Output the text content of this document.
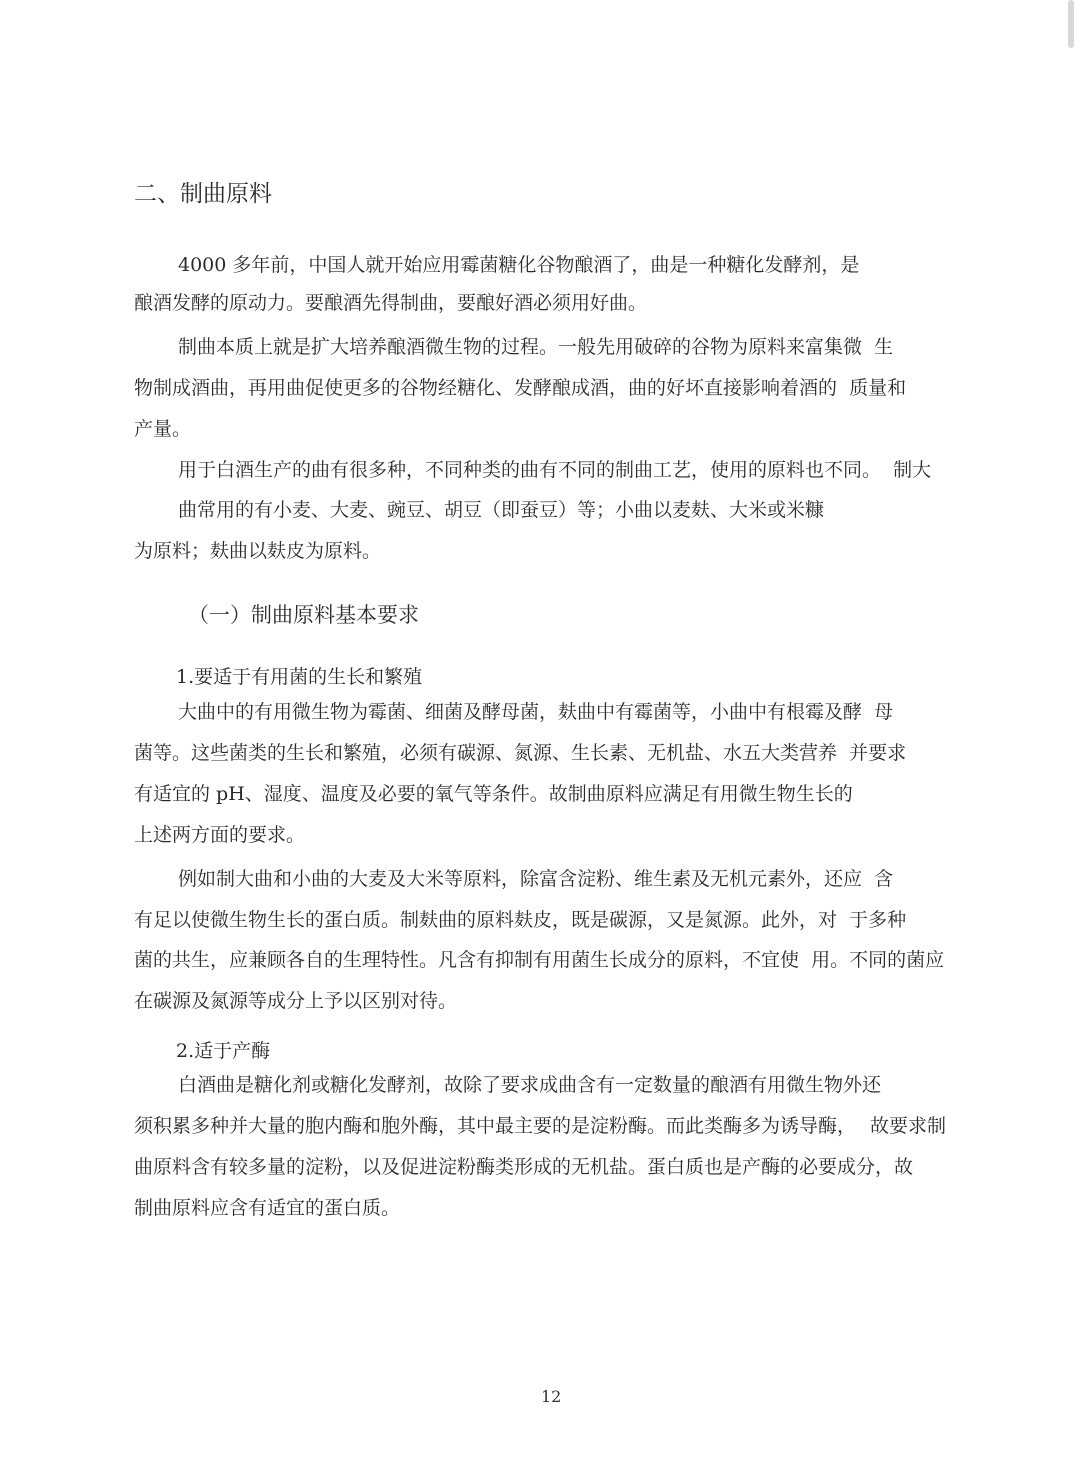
二、制曲原料
4000 多年前，中国人就开始应用霉菌糖化谷物酿酒了，曲是一种糖化发酵剂，是
酿酒发酵的原动力。要酿酒先得制曲，要酿好酒必须用好曲。
制曲本质上就是扩大培养酿酒微生物的过程。一般先用破碎的谷物为原料来富集微  生
物制成酒曲，再用曲促使更多的谷物经糖化、发酵酿成酒，曲的好坏直接影响着酒的  质量和
产量。
用于白酒生产的曲有很多种，不同种类的曲有不同的制曲工艺，使用的原料也不同。  制大
曲常用的有小麦、大麦、豌豆、胡豆（即蚕豆）等；小曲以麦麸、大米或米糠
为原料；麸曲以麸皮为原料。
（一）制曲原料基本要求
1.要适于有用菌的生长和繁殖
大曲中的有用微生物为霉菌、细菌及酵母菌，麸曲中有霉菌等，小曲中有根霉及酵  母
菌等。这些菌类的生长和繁殖，必须有碳源、氮源、生长素、无机盐、水五大类营养  并要求
有适宜的 pH、湿度、温度及必要的氧气等条件。故制曲原料应满足有用微生物生长的
上述两方面的要求。
例如制大曲和小曲的大麦及大米等原料，除富含淀粉、维生素及无机元素外，还应  含
有足以使微生物生长的蛋白质。制麸曲的原料麸皮，既是碳源，又是氮源。此外，对  于多种
菌的共生，应兼顾各自的生理特性。凡含有抑制有用菌生长成分的原料，不宜使  用。不同的菌应
在碳源及氮源等成分上予以区别对待。
2.适于产酶
白酒曲是糖化剂或糖化发酵剂，故除了要求成曲含有一定数量的酿酒有用微生物外还
须积累多种并大量的胞内酶和胞外酶，其中最主要的是淀粉酶。而此类酶多为诱导酶， 故要求制
曲原料含有较多量的淀粉，以及促进淀粉酶类形成的无机盐。蛋白质也是产酶的必要成分，故
制曲原料应含有适宜的蛋白质。
12
